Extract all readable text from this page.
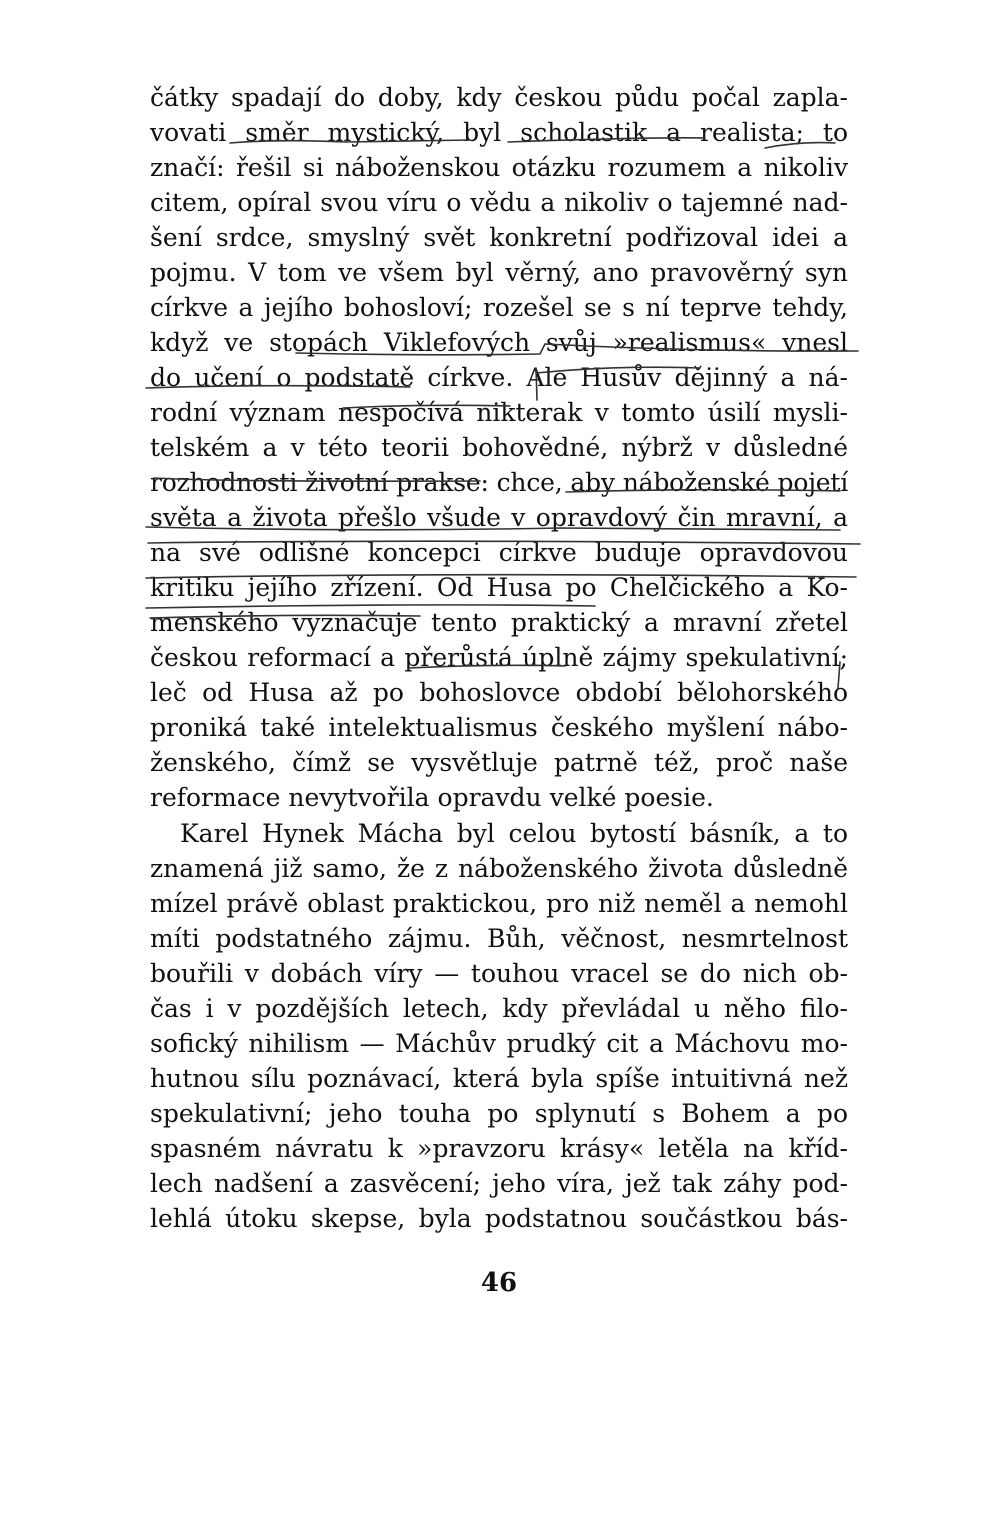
čátky spadají do doby, kdy českou půdu počal zapla-
vovati směr mystický, byl scholastik a realista; to
značí: řešil si náboženskou otázku rozumem a nikoliv
citem, opíral svou víru o vědu a nikoliv o tajemné nad-
šení srdce, smyslný svět konkretní podřizoval idei a
pojmu. V tom ve všem byl věrný, ano pravověrný syn
církve a jejího bohosloví; rozešel se s ní teprve tehdy,
když ve stopách Viklefových svůj »realismus« vnesl
do učení o podstatě církve. Ale Husův dějinný a ná-
rodní význam nespočívá nikterak v tomto úsilí mysli-
telském a v této teorii bohovědné, nýbrž v důsledné
rozhodnosti životní prakse: chce, aby náboženské pojetí
světa a života přešlo všude v opravdový čin mravní, a
na své odlišné koncepci církve buduje opravdovou
kritiku jejího zřízení. Od Husa po Chelčického a Ko-
menského vyznačuje tento praktický a mravní zřetel
českou reformací a přerůstá úplně zájmy spekulativní;
leč od Husa až po bohoslovce období bělohorského
proniká také intelektualismus českého myšlení nábo-
ženského, čímž se vysvětluje patrně též, proč naše
reformace nevytvořila opravdu velké poesie.
Karel Hynek Mácha byl celou bytostí básník, a to
znamená již samo, že z náboženského života důsledně
mízel právě oblast praktickou, pro niž neměl a nemohl
míti podstatného zájmu. Bůh, věčnost, nesmrtelnost
bouřili v dobách víry — touhou vracel se do nich ob-
čas i v pozdějších letech, kdy převládal u něho filo-
sofický nihilism — Máchův prudký cit a Máchovu mo-
hutnou sílu poznávací, která byla spíše intuitivná než
spekulativní; jeho touha po splynutí s Bohem a po
spasném návratu k »pravzoru krásy« letěla na kříd-
lech nadšení a zasvěcení; jeho víra, jež tak záhy pod-
lehlá útoku skepse, byla podstatnou součástkou bás-
46
